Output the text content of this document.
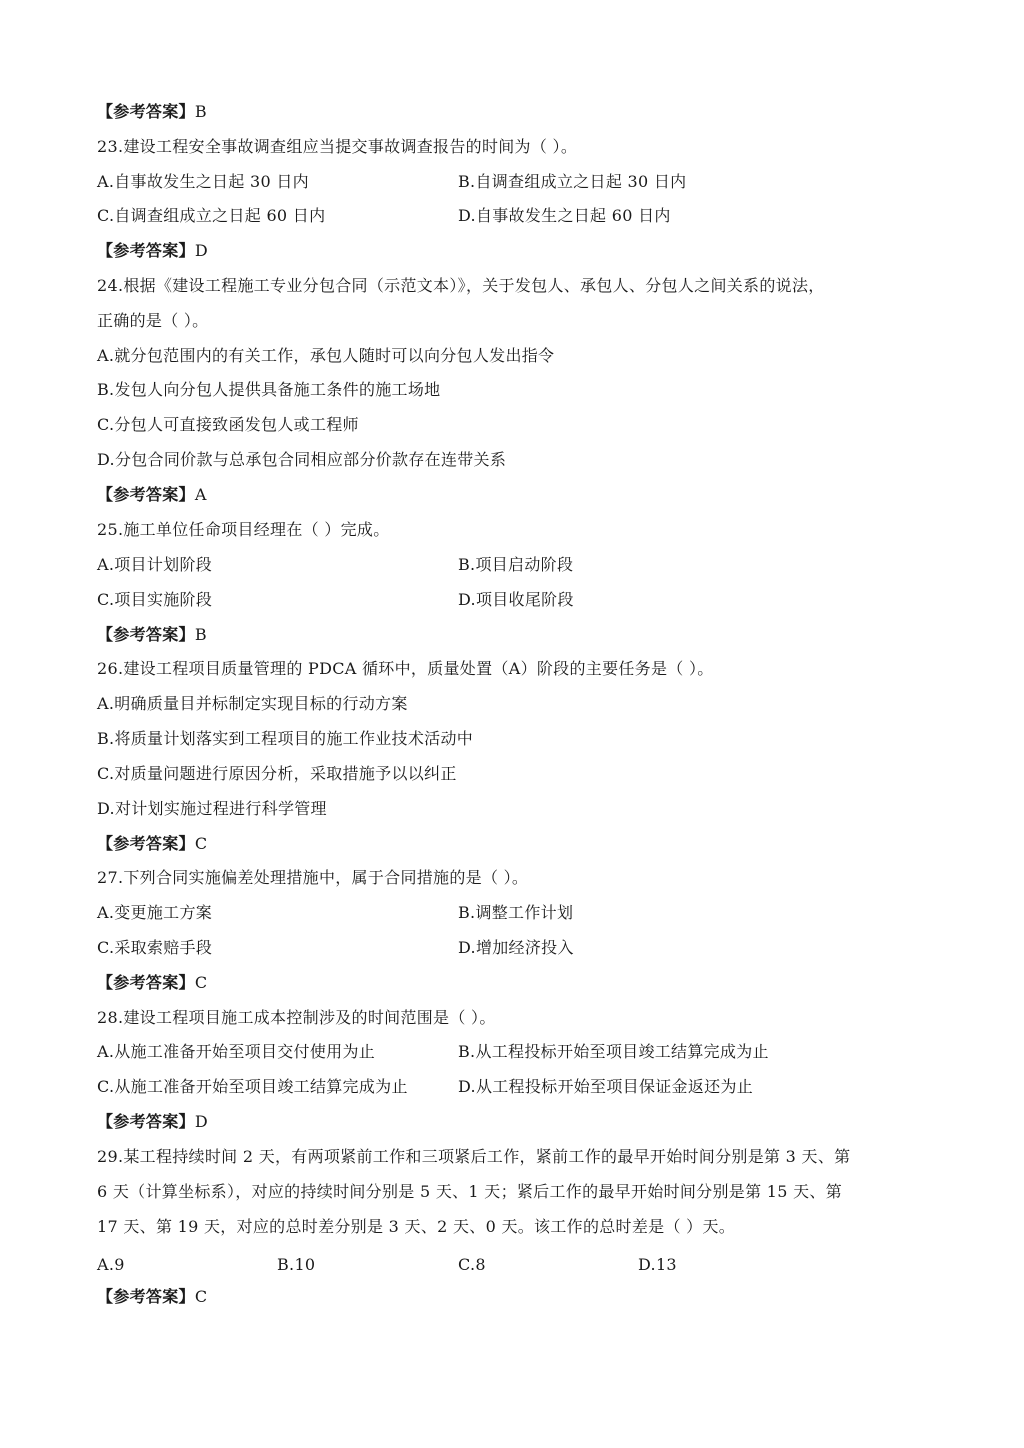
【参考答案】B
23.建设工程安全事故调查组应当提交事故调查报告的时间为（ ）。
A.自事故发生之日起 30 日内	B.自调查组成立之日起 30 日内
C.自调查组成立之日起 60 日内	D.自事故发生之日起 60 日内
【参考答案】D
24.根据《建设工程施工专业分包合同（示范文本）》，关于发包人、承包人、分包人之间关系的说法，
正确的是（ ）。
A.就分包范围内的有关工作，承包人随时可以向分包人发出指令
B.发包人向分包人提供具备施工条件的施工场地
C.分包人可直接致函发包人或工程师
D.分包合同价款与总承包合同相应部分价款存在连带关系
【参考答案】A
25.施工单位任命项目经理在（ ）完成。
A.项目计划阶段	B.项目启动阶段
C.项目实施阶段	D.项目收尾阶段
【参考答案】B
26.建设工程项目质量管理的 PDCA 循环中，质量处置（A）阶段的主要任务是（ ）。
A.明确质量目并标制定实现目标的行动方案
B.将质量计划落实到工程项目的施工作业技术活动中
C.对质量问题进行原因分析，采取措施予以以纠正
D.对计划实施过程进行科学管理
【参考答案】C
27.下列合同实施偏差处理措施中，属于合同措施的是（ ）。
A.变更施工方案	B.调整工作计划
C.采取索赔手段	D.增加经济投入
【参考答案】C
28.建设工程项目施工成本控制涉及的时间范围是（ ）。
A.从施工准备开始至项目交付使用为止	B.从工程投标开始至项目竣工结算完成为止
C.从施工准备开始至项目竣工结算完成为止	D.从工程投标开始至项目保证金返还为止
【参考答案】D
29.某工程持续时间 2 天，有两项紧前工作和三项紧后工作，紧前工作的最早开始时间分别是第 3 天、第
6 天（计算坐标系），对应的持续时间分别是 5 天、1 天；紧后工作的最早开始时间分别是第 15 天、第
17 天、第 19 天，对应的总时差分别是 3 天、2 天、0 天。该工作的总时差是（ ）天。
A.9	B.10	C.8	D.13
【参考答案】C
